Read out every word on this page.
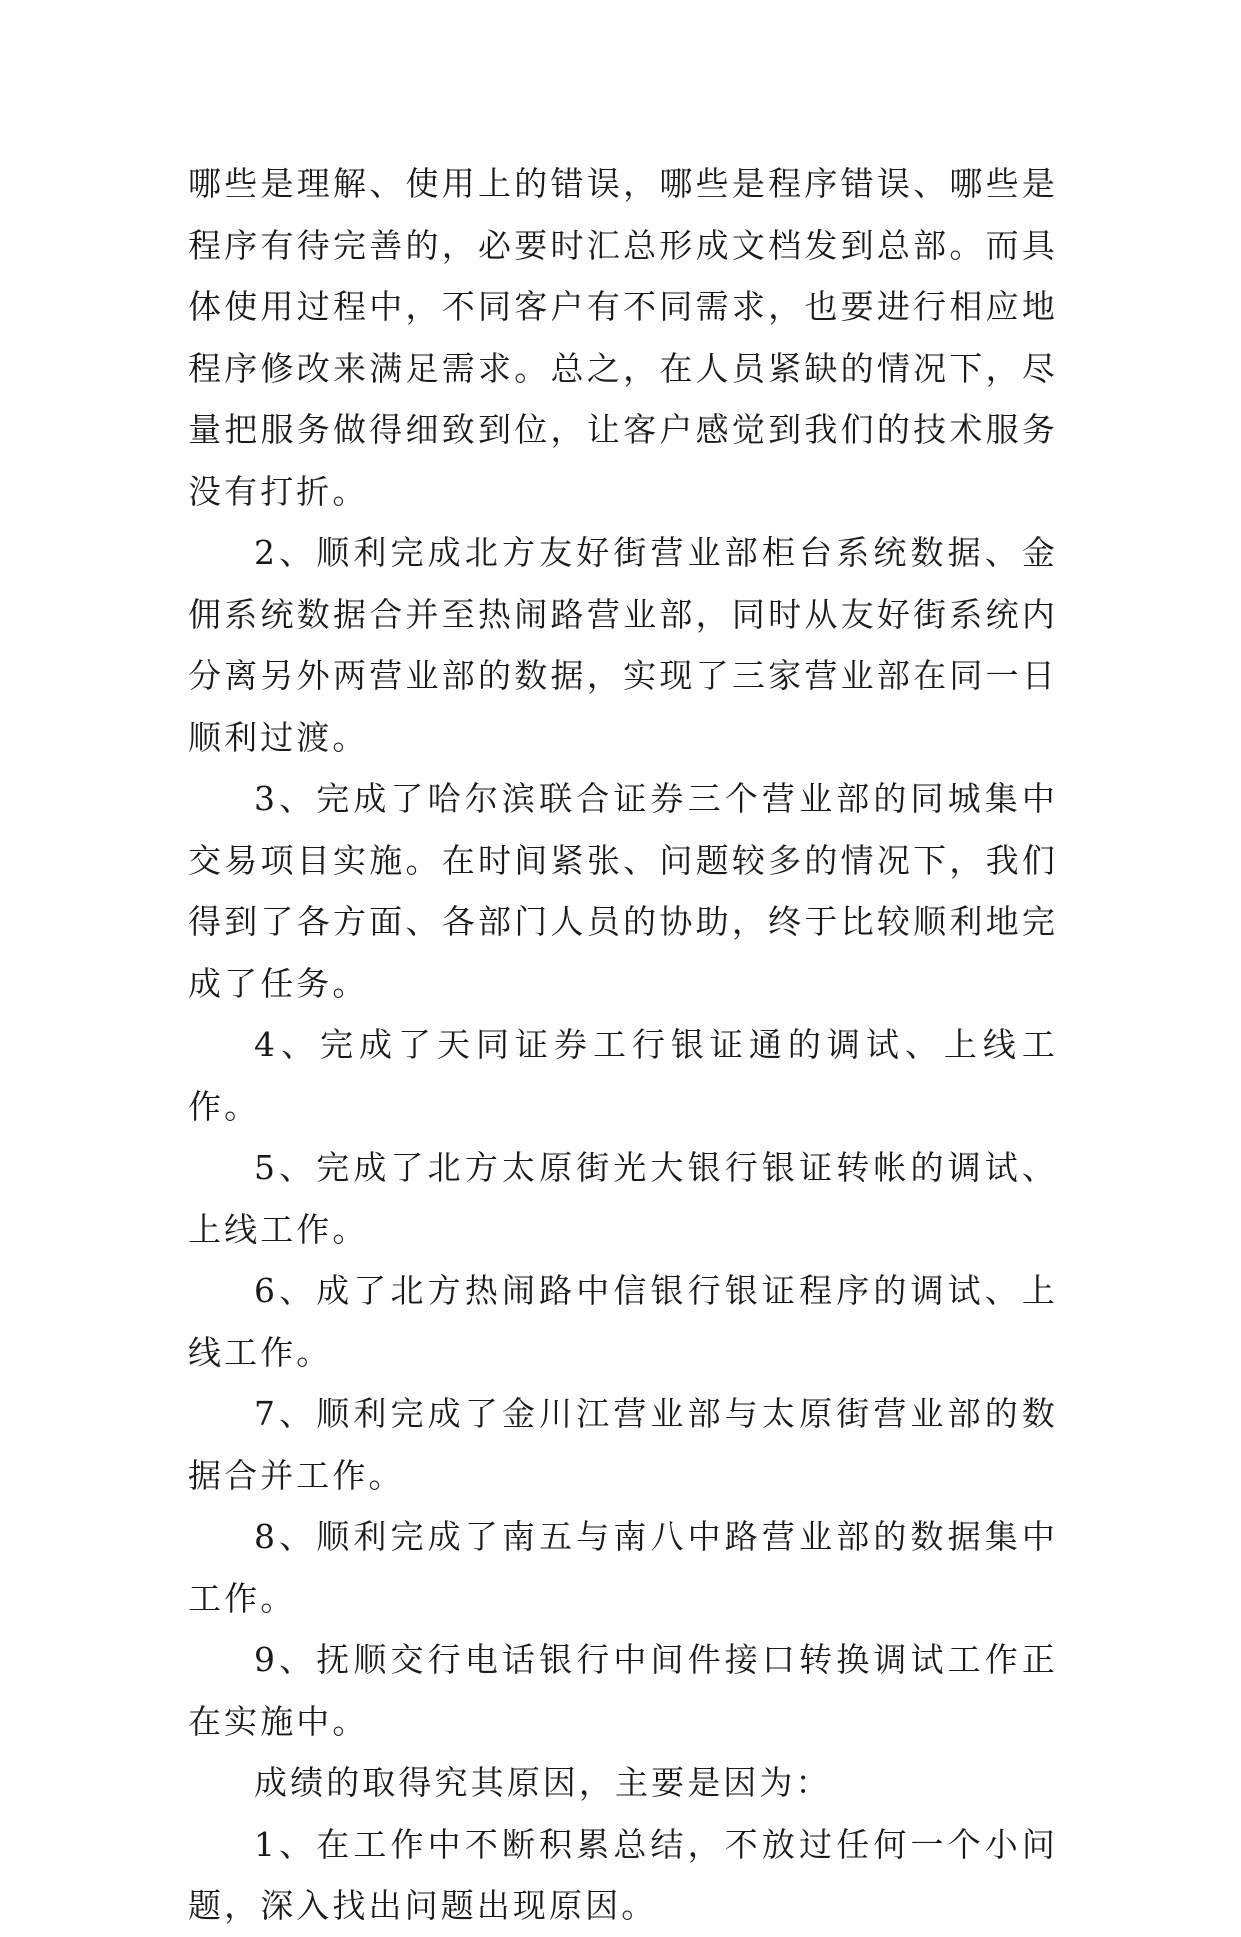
哪些是理解、使用上的错误，哪些是程序错误、哪些是程序有待完善的，必要时汇总形成文档发到总部。而具体使用过程中，不同客户有不同需求，也要进行相应地程序修改来满足需求。总之，在人员紧缺的情况下，尽量把服务做得细致到位，让客户感觉到我们的技术服务没有打折。

2、顺利完成北方友好街营业部柜台系统数据、金佣系统数据合并至热闹路营业部，同时从友好街系统内分离另外两营业部的数据，实现了三家营业部在同一日顺利过渡。

3、完成了哈尔滨联合证券三个营业部的同城集中交易项目实施。在时间紧张、问题较多的情况下，我们得到了各方面、各部门人员的协助，终于比较顺利地完成了任务。

4、完成了天同证券工行银证通的调试、上线工作。

5、完成了北方太原街光大银行银证转帐的调试、上线工作。

6、成了北方热闹路中信银行银证程序的调试、上线工作。

7、顺利完成了金川江营业部与太原街营业部的数据合并工作。

8、顺利完成了南五与南八中路营业部的数据集中工作。

9、抚顺交行电话银行中间件接口转换调试工作正在实施中。

成绩的取得究其原因，主要是因为：

1、在工作中不断积累总结，不放过任何一个小问题，深入找出问题出现原因。
